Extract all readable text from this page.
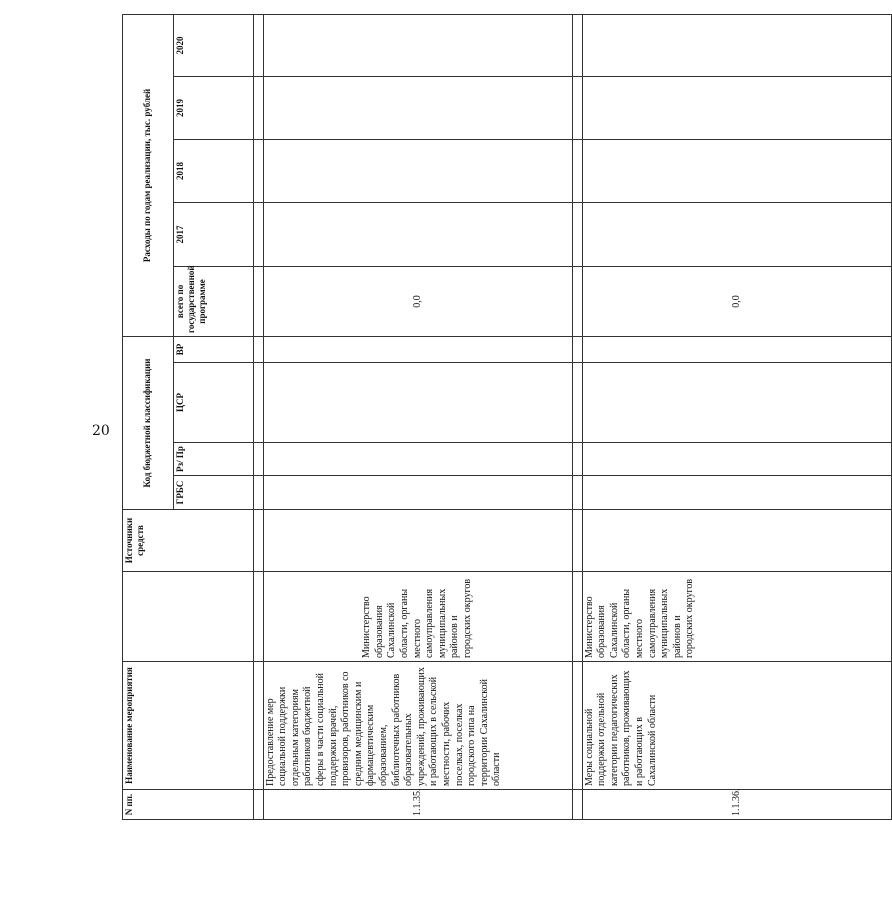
20
N пп.	Наименование мероприятия		Источники средств	Код бюджетной классификации				Расходы по годам реализации, тыс. рублей				
				ГРБС	Рз/ Пр	ЦСР	ВР	всего по государственной программе	2017	2018	2019	2020

1.1.35.	Предоставление мер социальной поддержки отдельным категориям работников бюджетной сферы в части социальной поддержки врачей, провизоров, работников со средним медицинским и фармацевтическим образованием, библиотечных работников образовательных учреждений, проживающих и работающих в сельской местности, рабочих поселках, поселках городского типа на территории Сахалинской области	Министерство образования Сахалинской области, органы местного самоуправления муниципальных районов и городских округов						0,0				

1.1.36.	Меры социальной поддержки отдельной категории педагогических работников, проживающих и работающих в Сахалинской области	Министерство образования Сахалинской области, органы местного самоуправления муниципальных районов и городских округов						0,0				
